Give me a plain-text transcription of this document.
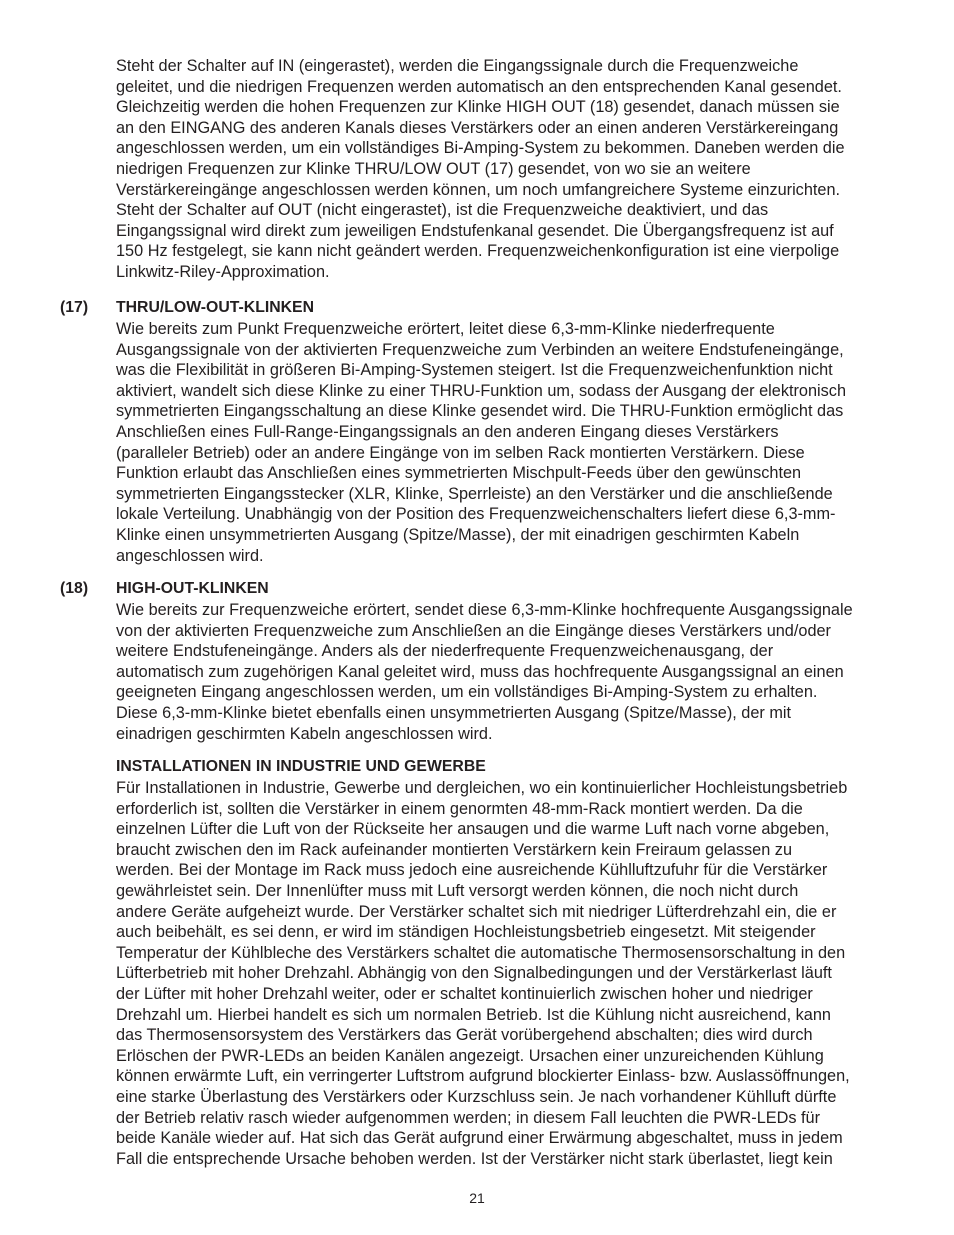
Steht der Schalter auf IN (eingerastet), werden die Eingangssignale durch die Frequenzweiche
geleitet, und die niedrigen Frequenzen werden automatisch an den entsprechenden Kanal gesendet.
Gleichzeitig werden die hohen Frequenzen zur Klinke HIGH OUT (18) gesendet, danach müssen sie
an den EINGANG des anderen Kanals dieses Verstärkers oder an einen anderen Verstärkereingang
angeschlossen werden, um ein vollständiges Bi-Amping-System zu bekommen. Daneben werden die
niedrigen Frequenzen zur Klinke THRU/LOW OUT (17) gesendet, von wo sie an weitere
Verstärkereingänge angeschlossen werden können, um noch umfangreichere Systeme einzurichten.
Steht der Schalter auf OUT (nicht eingerastet), ist die Frequenzweiche deaktiviert, und das
Eingangssignal wird direkt zum jeweiligen Endstufenkanal gesendet. Die Übergangsfrequenz ist auf
150 Hz festgelegt, sie kann nicht geändert werden. Frequenzweichenkonfiguration ist eine vierpolige
Linkwitz-Riley-Approximation.

(17) THRU/LOW-OUT-KLINKEN

Wie bereits zum Punkt Frequenzweiche erörtert, leitet diese 6,3-mm-Klinke niederfrequente
Ausgangssignale von der aktivierten Frequenzweiche zum Verbinden an weitere Endstufeneingänge,
was die Flexibilität in größeren Bi-Amping-Systemen steigert. Ist die Frequenzweichenfunktion nicht
aktiviert, wandelt sich diese Klinke zu einer THRU-Funktion um, sodass der Ausgang der elektronisch
symmetrierten Eingangsschaltung an diese Klinke gesendet wird. Die THRU-Funktion ermöglicht das
Anschließen eines Full-Range-Eingangssignals an den anderen Eingang dieses Verstärkers
(paralleler Betrieb) oder an andere Eingänge von im selben Rack montierten Verstärkern. Diese
Funktion erlaubt das Anschließen eines symmetrierten Mischpult-Feeds über den gewünschten
symmetrierten Eingangsstecker (XLR, Klinke, Sperrleiste) an den Verstärker und die anschließende
lokale Verteilung. Unabhängig von der Position des Frequenzweichenschalters liefert diese 6,3-mm-
Klinke einen unsymmetrierten Ausgang (Spitze/Masse), der mit einadrigen geschirmten Kabeln
angeschlossen wird.

(18) HIGH-OUT-KLINKEN

Wie bereits zur Frequenzweiche erörtert, sendet diese 6,3-mm-Klinke hochfrequente Ausgangssignale
von der aktivierten Frequenzweiche zum Anschließen an die Eingänge dieses Verstärkers und/oder
weitere Endstufeneingänge. Anders als der niederfrequente Frequenzweichenausgang, der
automatisch zum zugehörigen Kanal geleitet wird, muss das hochfrequente Ausgangssignal an einen
geeigneten Eingang angeschlossen werden, um ein vollständiges Bi-Amping-System zu erhalten.
Diese 6,3-mm-Klinke bietet ebenfalls einen unsymmetrierten Ausgang (Spitze/Masse), der mit
einadrigen geschirmten Kabeln angeschlossen wird.

INSTALLATIONEN IN INDUSTRIE UND GEWERBE

Für Installationen in Industrie, Gewerbe und dergleichen, wo ein kontinuierlicher Hochleistungsbetrieb
erforderlich ist, sollten die Verstärker in einem genormten 48-mm-Rack montiert werden. Da die
einzelnen Lüfter die Luft von der Rückseite her ansaugen und die warme Luft nach vorne abgeben,
braucht zwischen den im Rack aufeinander montierten Verstärkern kein Freiraum gelassen zu
werden. Bei der Montage im Rack muss jedoch eine ausreichende Kühlluftzufuhr für die Verstärker
gewährleistet sein. Der Innenlüfter muss mit Luft versorgt werden können, die noch nicht durch
andere Geräte aufgeheizt wurde. Der Verstärker schaltet sich mit niedriger Lüfterdrehzahl ein, die er
auch beibehält, es sei denn, er wird im ständigen Hochleistungsbetrieb eingesetzt. Mit steigender
Temperatur der Kühlbleche des Verstärkers schaltet die automatische Thermosensorschaltung in den
Lüfterbetrieb mit hoher Drehzahl. Abhängig von den Signalbedingungen und der Verstärkerlast läuft
der Lüfter mit hoher Drehzahl weiter, oder er schaltet kontinuierlich zwischen hoher und niedriger
Drehzahl um. Hierbei handelt es sich um normalen Betrieb. Ist die Kühlung nicht ausreichend, kann
das Thermosensorsystem des Verstärkers das Gerät vorübergehend abschalten; dies wird durch
Erlöschen der PWR-LEDs an beiden Kanälen angezeigt. Ursachen einer unzureichenden Kühlung
können erwärmte Luft, ein verringerter Luftstrom aufgrund blockierter Einlass- bzw. Auslassöffnungen,
eine starke Überlastung des Verstärkers oder Kurzschluss sein. Je nach vorhandener Kühlluft dürfte
der Betrieb relativ rasch wieder aufgenommen werden; in diesem Fall leuchten die PWR-LEDs für
beide Kanäle wieder auf. Hat sich das Gerät aufgrund einer Erwärmung abgeschaltet, muss in jedem
Fall die entsprechende Ursache behoben werden. Ist der Verstärker nicht stark überlastet, liegt kein

21
